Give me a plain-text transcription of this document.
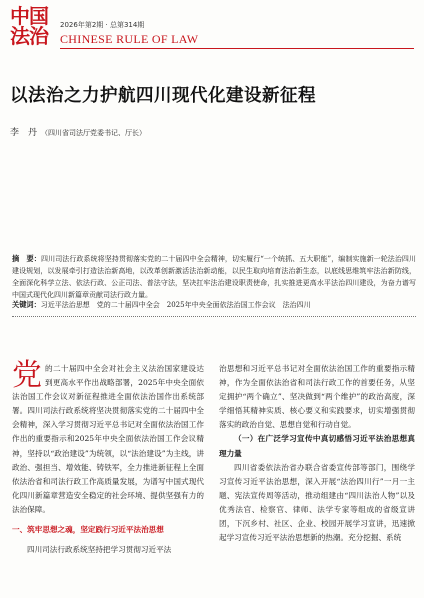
中国
法治	2026年第2期 · 总第314期
CHINESE RULE OF LAW
以法治之力护航四川现代化建设新征程
李　丹 （四川省司法厅党委书记、厅长）
摘　要：四川司法行政系统将坚持贯彻落实党的二十届四中全会精神，切实履行“一个统抓、五大职能”，编制实施新一轮法治四川建设规划，以发展牵引打造法治新高地，以改革创新激活法治新动能，以民生取向培育法治新生态，以底线思维筑牢法治新防线，全面深化科学立法、依法行政、公正司法、普法守法，坚决扛牢法治建设职责使命，扎实推进更高水平法治四川建设，为奋力谱写中国式现代化四川新篇章贡献司法行政力量。
关键词：习近平法治思想　党的二十届四中全会　2025年中央全面依法治国工作会议　法治四川

党的二十届四中全会对社会主义法治国家建设达到更高水平作出战略部署，2025年中央全面依法治国工作会议对新征程推进全面依法治国作出系统部署。四川司法行政系统将坚决贯彻落实党的二十届四中全会精神，深入学习贯彻习近平总书记对全面依法治国工作作出的重要指示和2025年中央全面依法治国工作会议精神，坚持以“政治建设”为统领，以“法治建设”为主线，讲政治、强担当、增效能、铸铁军，全力推进新征程上全面依法治省和司法行政工作高质量发展，为谱写中国式现代化四川新篇章营造安全稳定的社会环境、提供坚强有力的法治保障。

一、筑牢思想之魂，坚定践行习近平法治思想

四川司法行政系统坚持把学习贯彻习近平法

治思想和习近平总书记对全面依法治国工作的重要指示精神，作为全面依法治省和司法行政工作的首要任务，从坚定拥护“两个确立”、坚决做到“两个维护”的政治高度，深学细悟其精神实质、核心要义和实践要求，切实增强贯彻落实的政治自觉、思想自觉和行动自觉。

（一）在广泛学习宣传中真切感悟习近平法治思想真理力量

四川省委依法治省办联合省委宣传部等部门，围绕学习宣传习近平法治思想，深入开展“法治四川行”一月一主题、宪法宣传周等活动，推动组建由“四川法治人物”以及优秀法官、检察官、律师、法学专家等组成的省级宣讲团，下沉乡村、社区、企业、校园开展学习宣讲，迅速掀起学习宣传习近平法治思想新的热潮。充分挖掘、系统
